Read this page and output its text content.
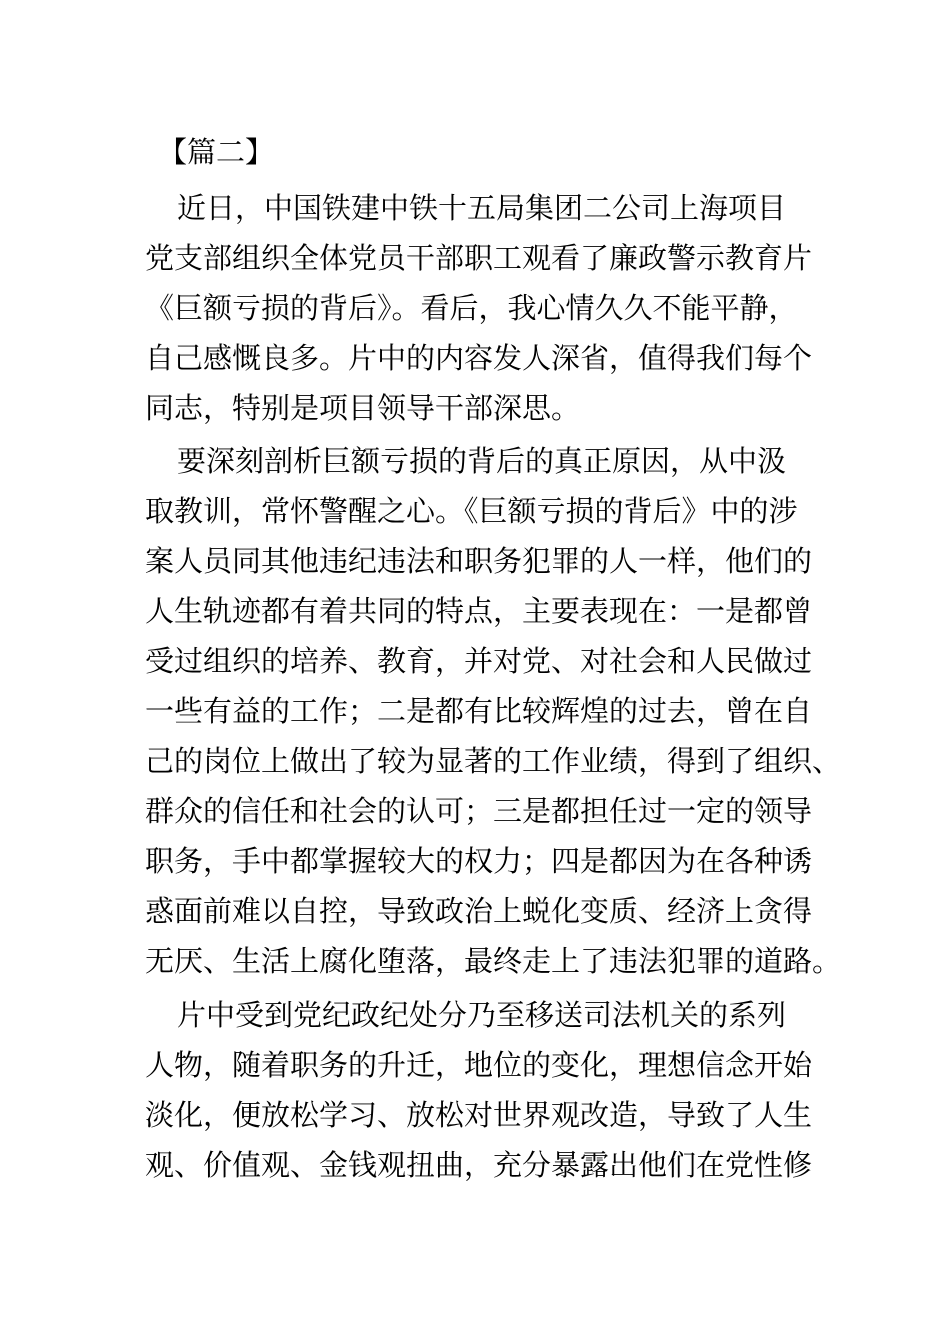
【篇二】
近日，中国铁建中铁十五局集团二公司上海项目
党支部组织全体党员干部职工观看了廉政警示教育片
《巨额亏损的背后》。看后，我心情久久不能平静，
自己感慨良多。片中的内容发人深省，值得我们每个
同志，特别是项目领导干部深思。
要深刻剖析巨额亏损的背后的真正原因，从中汲
取教训，常怀警醒之心。《巨额亏损的背后》中的涉
案人员同其他违纪违法和职务犯罪的人一样，他们的
人生轨迹都有着共同的特点，主要表现在：一是都曾
受过组织的培养、教育，并对党、对社会和人民做过
一些有益的工作；二是都有比较辉煌的过去，曾在自
己的岗位上做出了较为显著的工作业绩，得到了组织、
群众的信任和社会的认可；三是都担任过一定的领导
职务，手中都掌握较大的权力；四是都因为在各种诱
惑面前难以自控，导致政治上蜕化变质、经济上贪得
无厌、生活上腐化堕落，最终走上了违法犯罪的道路。
片中受到党纪政纪处分乃至移送司法机关的系列
人物，随着职务的升迁，地位的变化，理想信念开始
淡化，便放松学习、放松对世界观改造，导致了人生
观、价值观、金钱观扭曲，充分暴露出他们在党性修
